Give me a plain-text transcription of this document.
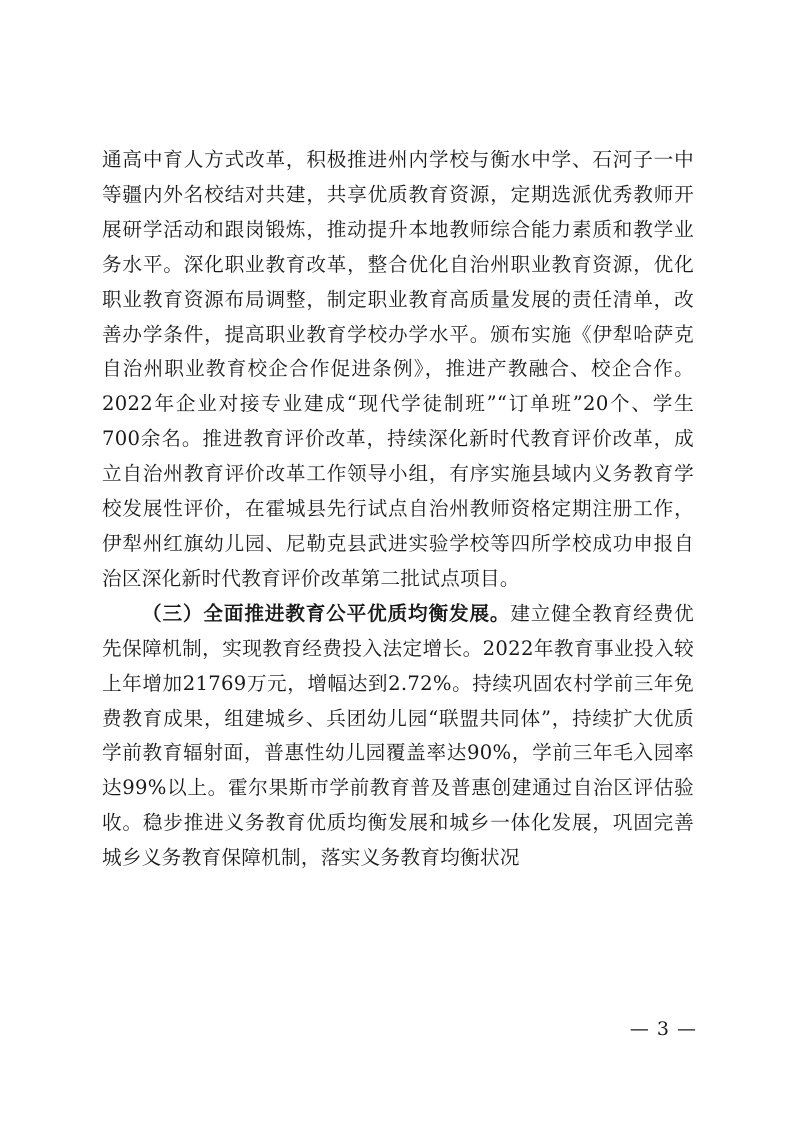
通高中育人方式改革，积极推进州内学校与衡水中学、石河子一中等疆内外名校结对共建，共享优质教育资源，定期选派优秀教师开展研学活动和跟岗锻炼，推动提升本地教师综合能力素质和教学业务水平。深化职业教育改革，整合优化自治州职业教育资源，优化职业教育资源布局调整，制定职业教育高质量发展的责任清单，改善办学条件，提高职业教育学校办学水平。颁布实施《伊犁哈萨克自治州职业教育校企合作促进条例》，推进产教融合、校企合作。2022年企业对接专业建成“现代学徒制班”“订单班”20个、学生700余名。推进教育评价改革，持续深化新时代教育评价改革，成立自治州教育评价改革工作领导小组，有序实施县域内义务教育学校发展性评价，在霍城县先行试点自治州教师资格定期注册工作，伊犁州红旗幼儿园、尼勒克县武进实验学校等四所学校成功申报自治区深化新时代教育评价改革第二批试点项目。

（三）全面推进教育公平优质均衡发展。建立健全教育经费优先保障机制，实现教育经费投入法定增长。2022年教育事业投入较上年增加21769万元，增幅达到2.72%。持续巩固农村学前三年免费教育成果，组建城乡、兵团幼儿园“联盟共同体”，持续扩大优质学前教育辐射面，普惠性幼儿园覆盖率达90%，学前三年毛入园率达99%以上。霍尔果斯市学前教育普及普惠创建通过自治区评估验收。稳步推进义务教育优质均衡发展和城乡一体化发展，巩固完善城乡义务教育保障机制，落实义务教育均衡状况

— 3 —
